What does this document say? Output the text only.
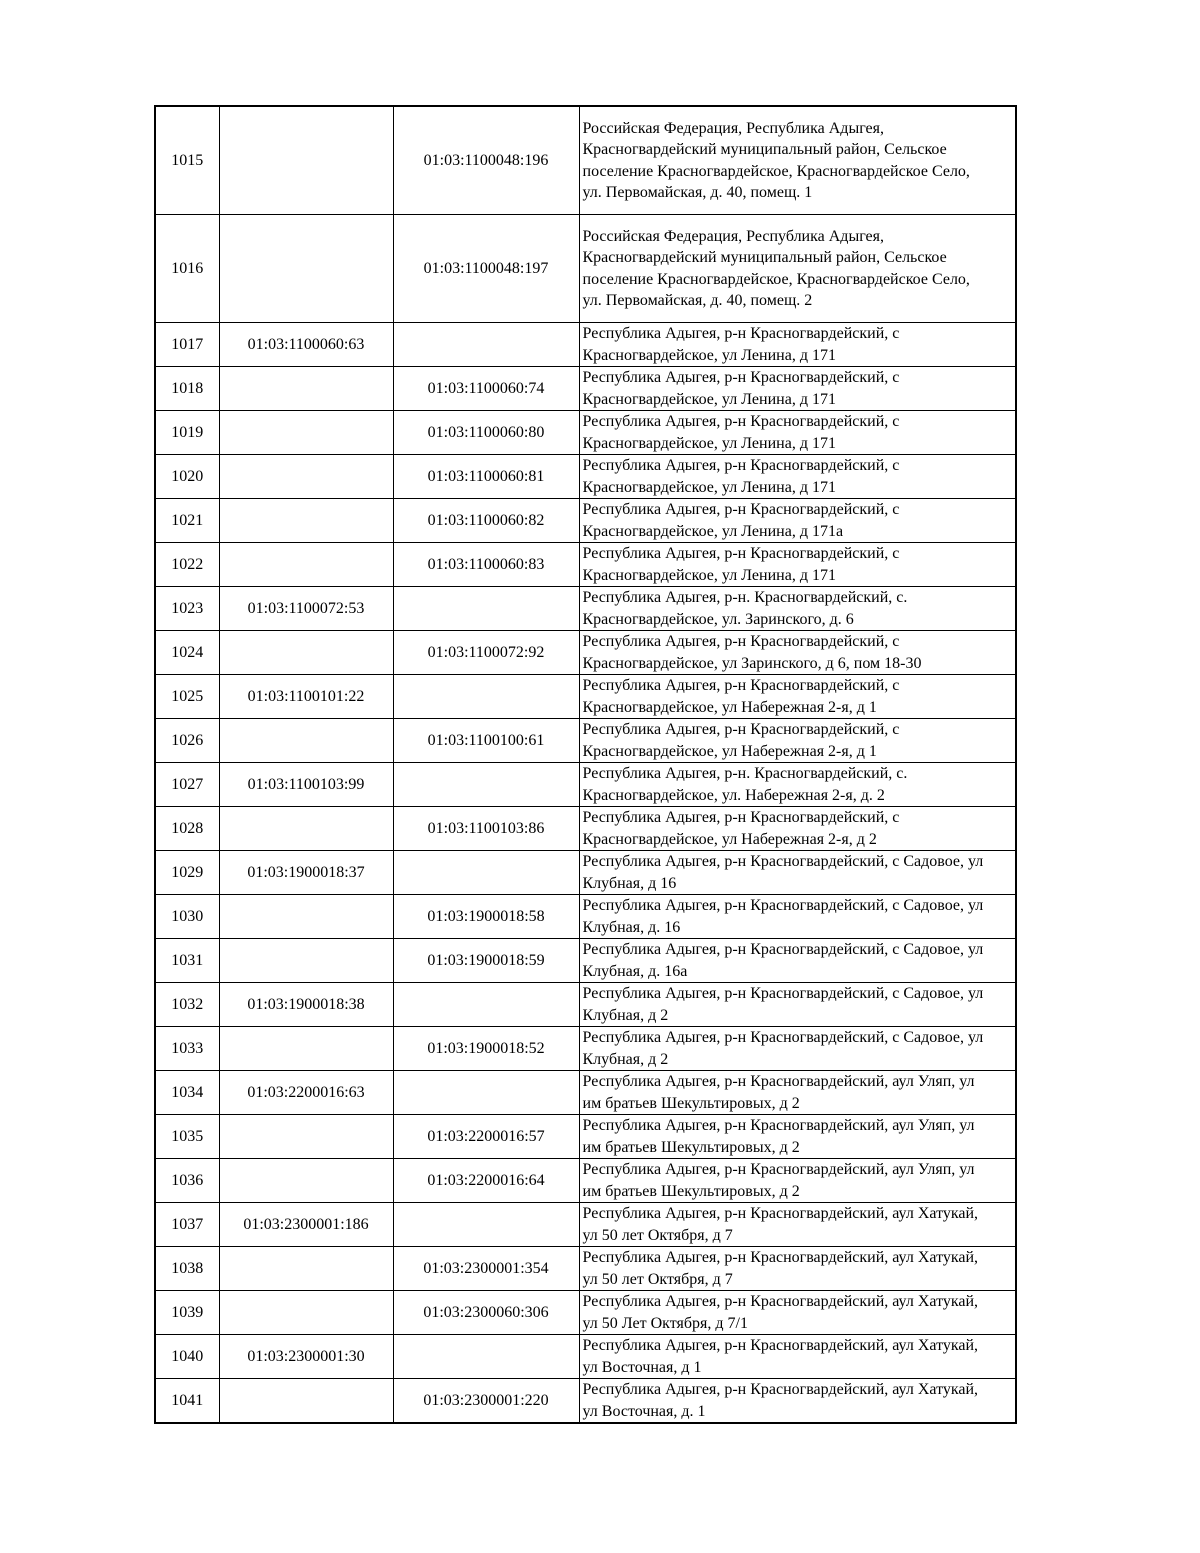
1015		01:03:1100048:196	Российская Федерация, Республика Адыгея,
Красногвардейский муниципальный район, Сельское
поселение Красногвардейское, Красногвардейское Село,
ул. Первомайская, д. 40, помещ. 1
1016		01:03:1100048:197	Российская Федерация, Республика Адыгея,
Красногвардейский муниципальный район, Сельское
поселение Красногвардейское, Красногвардейское Село,
ул. Первомайская, д. 40, помещ. 2
1017	01:03:1100060:63		Республика Адыгея, р-н Красногвардейский, с
Красногвардейское, ул Ленина, д 171
1018		01:03:1100060:74	Республика Адыгея, р-н Красногвардейский, с
Красногвардейское, ул Ленина, д 171
1019		01:03:1100060:80	Республика Адыгея, р-н Красногвардейский, с
Красногвардейское, ул Ленина, д 171
1020		01:03:1100060:81	Республика Адыгея, р-н Красногвардейский, с
Красногвардейское, ул Ленина, д 171
1021		01:03:1100060:82	Республика Адыгея, р-н Красногвардейский, с
Красногвардейское, ул Ленина, д 171а
1022		01:03:1100060:83	Республика Адыгея, р-н Красногвардейский, с
Красногвардейское, ул Ленина, д 171
1023	01:03:1100072:53		Республика Адыгея, р-н. Красногвардейский, с.
Красногвардейское, ул. Заринского, д. 6
1024		01:03:1100072:92	Республика Адыгея, р-н Красногвардейский, с
Красногвардейское, ул Заринского, д 6, пом 18-30
1025	01:03:1100101:22		Республика Адыгея, р-н Красногвардейский, с
Красногвардейское, ул Набережная 2-я, д 1
1026		01:03:1100100:61	Республика Адыгея, р-н Красногвардейский, с
Красногвардейское, ул Набережная 2-я, д 1
1027	01:03:1100103:99		Республика Адыгея, р-н. Красногвардейский, с.
Красногвардейское, ул. Набережная 2-я, д. 2
1028		01:03:1100103:86	Республика Адыгея, р-н Красногвардейский, с
Красногвардейское, ул Набережная 2-я, д 2
1029	01:03:1900018:37		Республика Адыгея, р-н Красногвардейский, с Садовое, ул
Клубная, д 16
1030		01:03:1900018:58	Республика Адыгея, р-н Красногвардейский, с Садовое, ул
Клубная, д. 16
1031		01:03:1900018:59	Республика Адыгея, р-н Красногвардейский, с Садовое, ул
Клубная, д. 16а
1032	01:03:1900018:38		Республика Адыгея, р-н Красногвардейский, с Садовое, ул
Клубная, д 2
1033		01:03:1900018:52	Республика Адыгея, р-н Красногвардейский, с Садовое, ул
Клубная, д 2
1034	01:03:2200016:63		Республика Адыгея, р-н Красногвардейский, аул Уляп, ул
им братьев Шекультировых, д 2
1035		01:03:2200016:57	Республика Адыгея, р-н Красногвардейский, аул Уляп, ул
им братьев Шекультировых, д 2
1036		01:03:2200016:64	Республика Адыгея, р-н Красногвардейский, аул Уляп, ул
им братьев Шекультировых, д 2
1037	01:03:2300001:186		Республика Адыгея, р-н Красногвардейский, аул Хатукай,
ул 50 лет Октября, д 7
1038		01:03:2300001:354	Республика Адыгея, р-н Красногвардейский, аул Хатукай,
ул 50 лет Октября, д 7
1039		01:03:2300060:306	Республика Адыгея, р-н Красногвардейский, аул Хатукай,
ул 50 Лет Октября, д 7/1
1040	01:03:2300001:30		Республика Адыгея, р-н Красногвардейский, аул Хатукай,
ул Восточная, д 1
1041		01:03:2300001:220	Республика Адыгея, р-н Красногвардейский, аул Хатукай,
ул Восточная, д. 1
